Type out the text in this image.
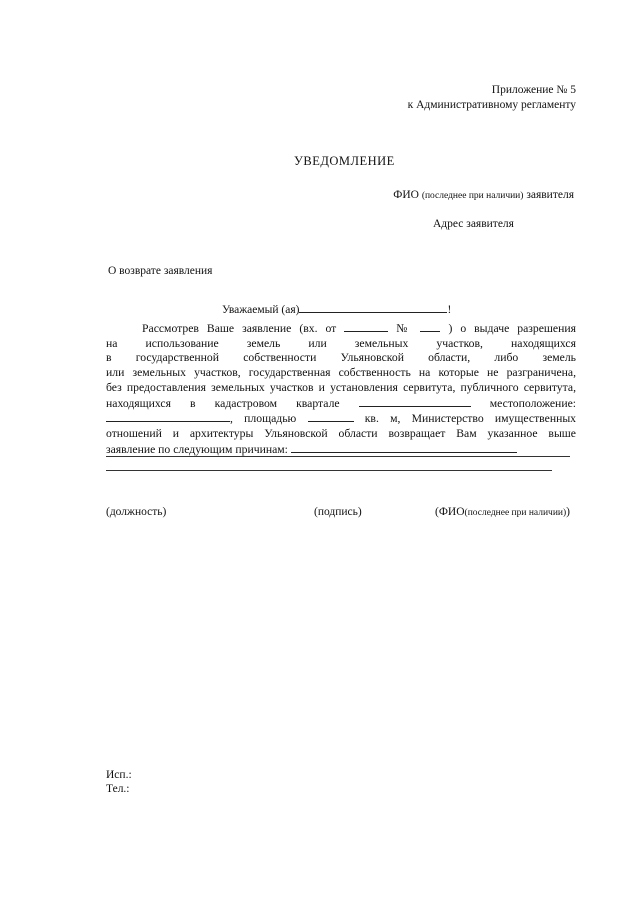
Приложение № 5
к Административному регламенту
УВЕДОМЛЕНИЕ
ФИО (последнее при наличии) заявителя
Адрес заявителя
О возврате заявления
Уважаемый (ая)	!
Рассмотрев Ваше заявление (вх. от	№	) о выдаче разрешения
на использование земель или земельных участков, находящихся
в государственной собственности Ульяновской области, либо земель
или земельных участков, государственная собственность на которые не разграничена,
без предоставления земельных участков и установления сервитута, публичного сервитута,
находящихся в кадастровом квартале	местоположение:
, площадью	кв. м, Министерство имущественных
отношений и архитектуры Ульяновской области возвращает Вам указанное выше
заявление по следующим причинам:
(должность)	(подпись)	(ФИО(последнее при наличии))
Исп.:
Тел.:
